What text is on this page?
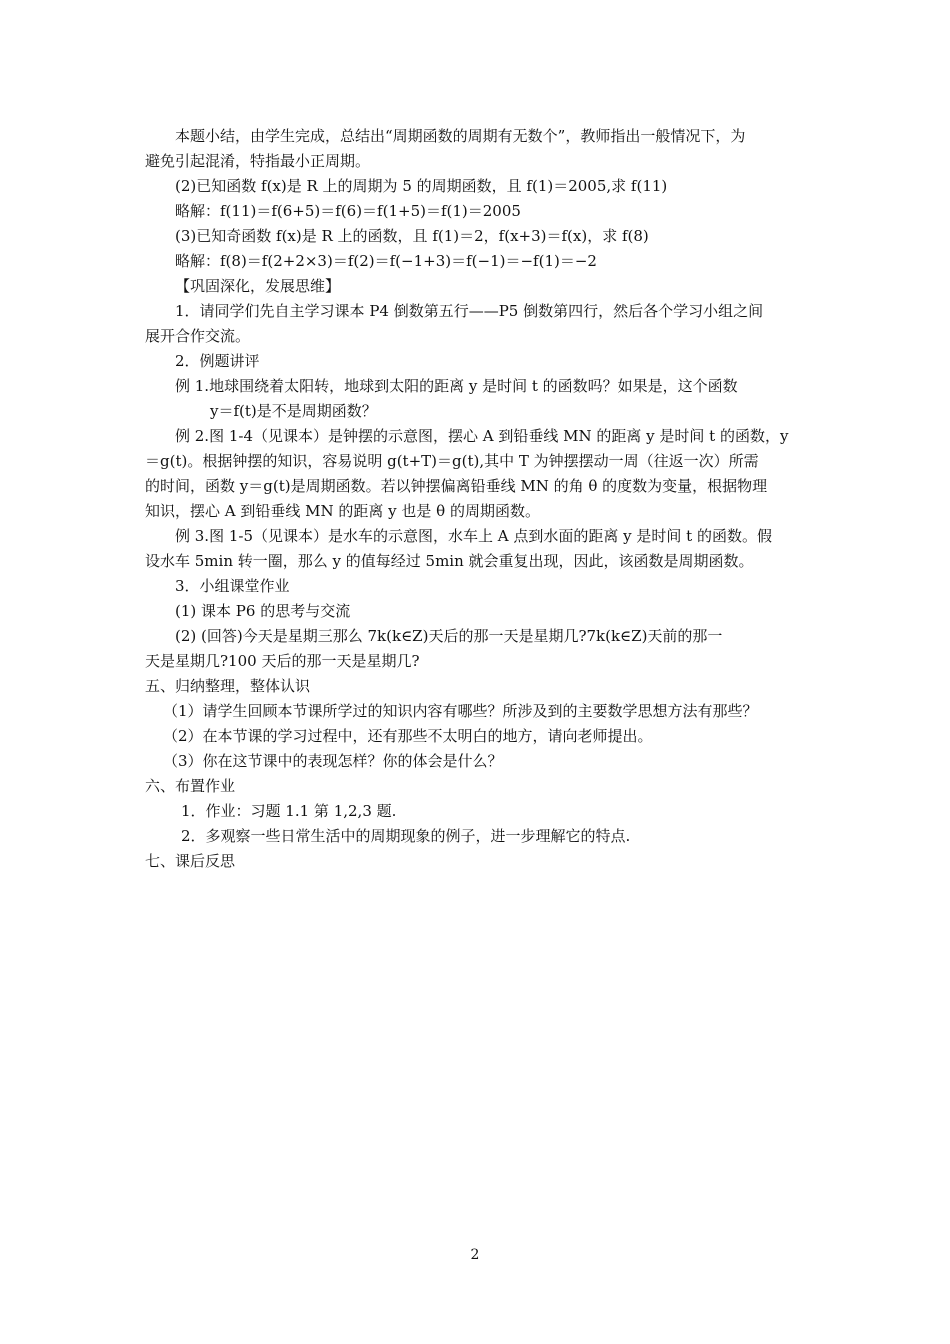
本题小结，由学生完成，总结出“周期函数的周期有无数个”，教师指出一般情况下，为
避免引起混淆，特指最小正周期。
(2)已知函数 f(x)是 R 上的周期为 5 的周期函数，且 f(1)＝2005,求 f(11)
略解：f(11)＝f(6+5)＝f(6)＝f(1+5)＝f(1)＝2005
(3)已知奇函数 f(x)是 R 上的函数，且 f(1)＝2，f(x+3)＝f(x)，求 f(8)
略解：f(8)＝f(2+2×3)＝f(2)＝f(−1+3)＝f(−1)＝−f(1)＝−2
【巩固深化，发展思维】
1．请同学们先自主学习课本 P4 倒数第五行——P5 倒数第四行，然后各个学习小组之间
展开合作交流。
2．例题讲评
例 1.地球围绕着太阳转，地球到太阳的距离 y 是时间 t 的函数吗？如果是，这个函数
y＝f(t)是不是周期函数？
例 2.图 1-4（见课本）是钟摆的示意图，摆心 A 到铅垂线 MN 的距离 y 是时间 t 的函数，y
＝g(t)。根据钟摆的知识，容易说明 g(t+T)＝g(t),其中 T 为钟摆摆动一周（往返一次）所需
的时间，函数 y＝g(t)是周期函数。若以钟摆偏离铅垂线 MN 的角 θ 的度数为变量，根据物理
知识，摆心 A 到铅垂线 MN 的距离 y 也是 θ 的周期函数。
例 3.图 1-5（见课本）是水车的示意图，水车上 A 点到水面的距离 y 是时间 t 的函数。假
设水车 5min 转一圈，那么 y 的值每经过 5min 就会重复出现，因此，该函数是周期函数。
3．小组课堂作业
(1) 课本 P6 的思考与交流
(2) (回答)今天是星期三那么 7k(k∈Z)天后的那一天是星期几?7k(k∈Z)天前的那一
天是星期几?100 天后的那一天是星期几?
五、归纳整理，整体认识
（1）请学生回顾本节课所学过的知识内容有哪些？所涉及到的主要数学思想方法有那些？
（2）在本节课的学习过程中，还有那些不太明白的地方，请向老师提出。
（3）你在这节课中的表现怎样？你的体会是什么？
六、布置作业
1．作业：习题 1.1 第 1,2,3 题.
2．多观察一些日常生活中的周期现象的例子，进一步理解它的特点.
七、课后反思
2
